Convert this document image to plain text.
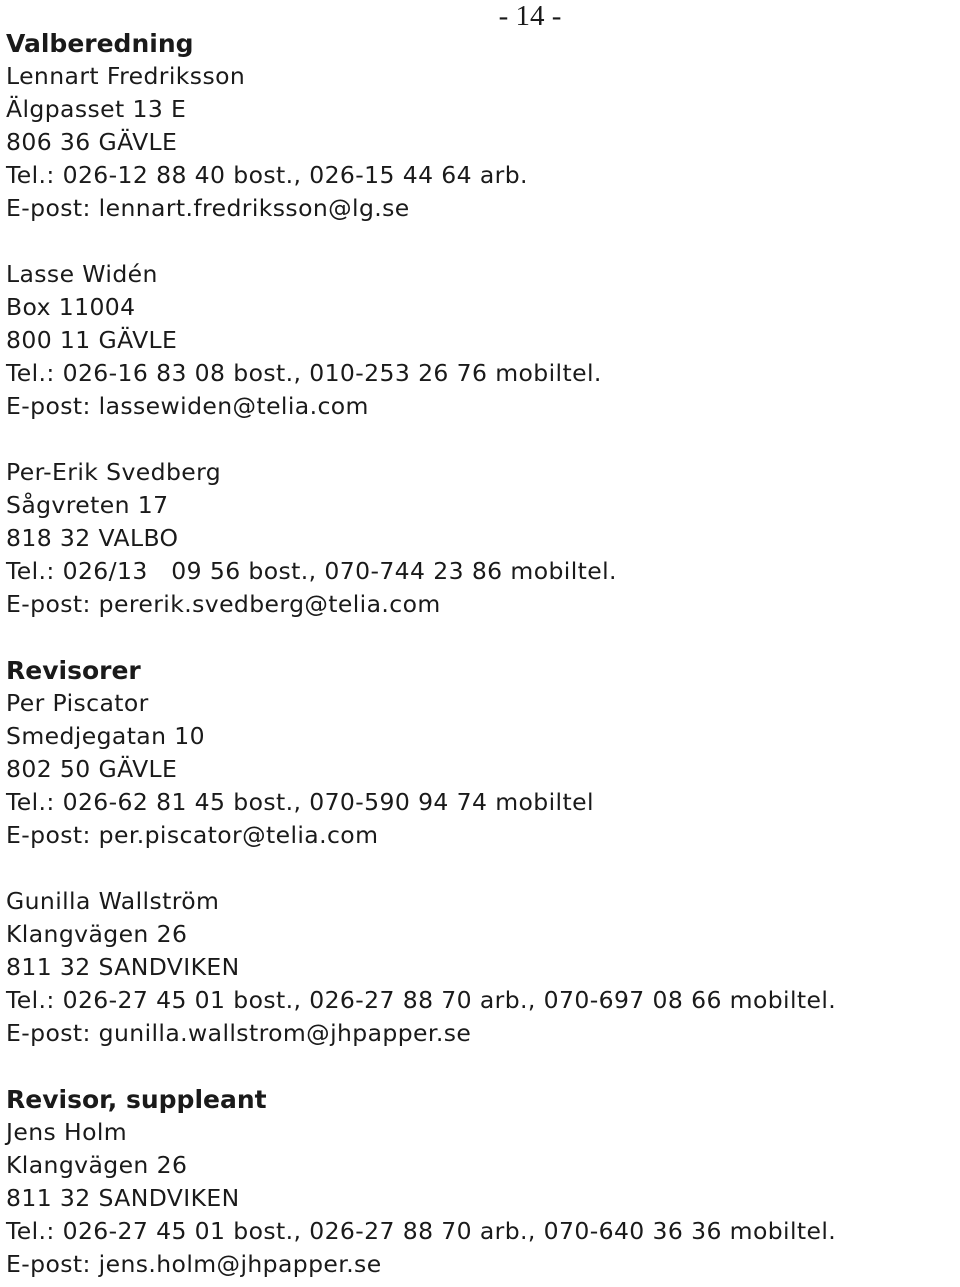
- 14 -
Valberedning
Lennart Fredriksson
Älgpasset 13 E
806 36 GÄVLE
Tel.: 026-12 88 40 bost., 026-15 44 64 arb.
E-post: lennart.fredriksson@lg.se
Lasse Widén
Box 11004
800 11 GÄVLE
Tel.: 026-16 83 08 bost., 010-253 26 76 mobiltel.
E-post: lassewiden@telia.com
Per-Erik Svedberg
Sågvreten 17
818 32 VALBO
Tel.: 026/13   09 56 bost., 070-744 23 86 mobiltel.
E-post: pererik.svedberg@telia.com
Revisorer
Per Piscator
Smedjegatan 10
802 50 GÄVLE
Tel.: 026-62 81 45 bost., 070-590 94 74 mobiltel
E-post: per.piscator@telia.com
Gunilla Wallström
Klangvägen 26
811 32 SANDVIKEN
Tel.: 026-27 45 01 bost., 026-27 88 70 arb., 070-697 08 66 mobiltel.
E-post: gunilla.wallstrom@jhpapper.se
Revisor, suppleant
Jens Holm
Klangvägen 26
811 32 SANDVIKEN
Tel.: 026-27 45 01 bost., 026-27 88 70 arb., 070-640 36 36 mobiltel.
E-post: jens.holm@jhpapper.se
